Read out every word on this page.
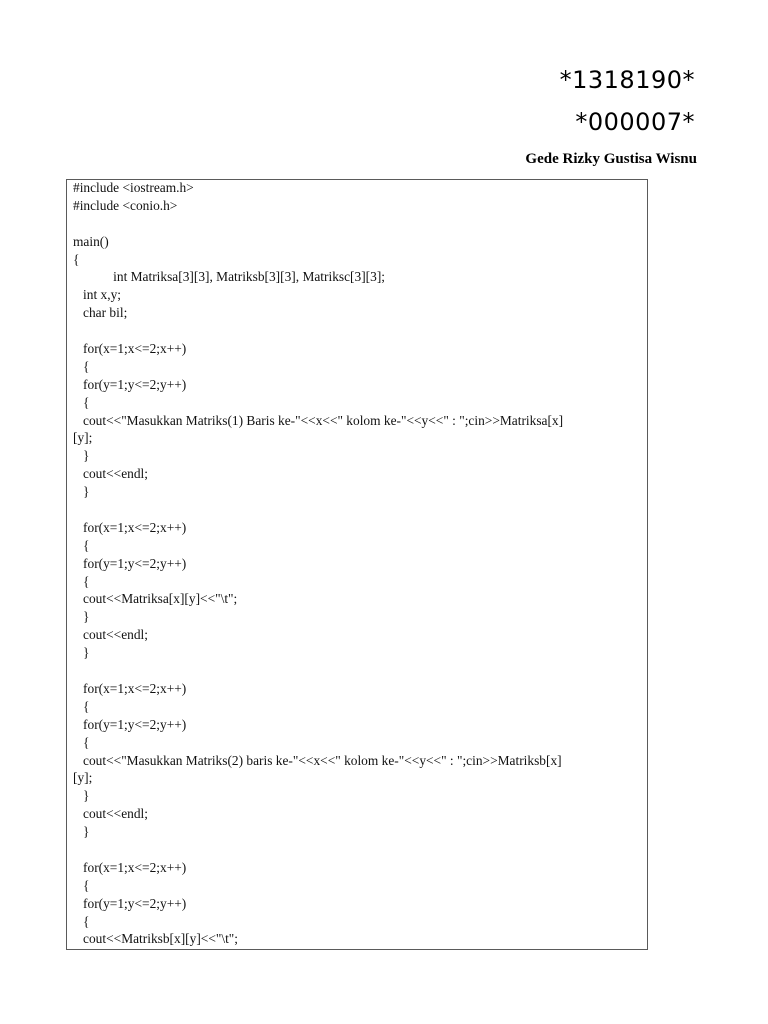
*1318190*
*000007*
Gede Rizky Gustisa Wisnu
#include <iostream.h>
#include <conio.h>
main()
{
int Matriksa[3][3], Matriksb[3][3], Matriksc[3][3];
int x,y;
char bil;
for(x=1;x<=2;x++)
{
for(y=1;y<=2;y++)
{
cout<<"Masukkan Matriks(1) Baris ke-"<<x<<" kolom ke-"<<y<<" : ";cin>>Matriksa[x]
[y];
}
cout<<endl;
}
for(x=1;x<=2;x++)
{
for(y=1;y<=2;y++)
{
cout<<Matriksa[x][y]<<"\t";
}
cout<<endl;
}
for(x=1;x<=2;x++)
{
for(y=1;y<=2;y++)
{
cout<<"Masukkan Matriks(2) baris ke-"<<x<<" kolom ke-"<<y<<" : ";cin>>Matriksb[x]
[y];
}
cout<<endl;
}
for(x=1;x<=2;x++)
{
for(y=1;y<=2;y++)
{
cout<<Matriksb[x][y]<<"\t";
